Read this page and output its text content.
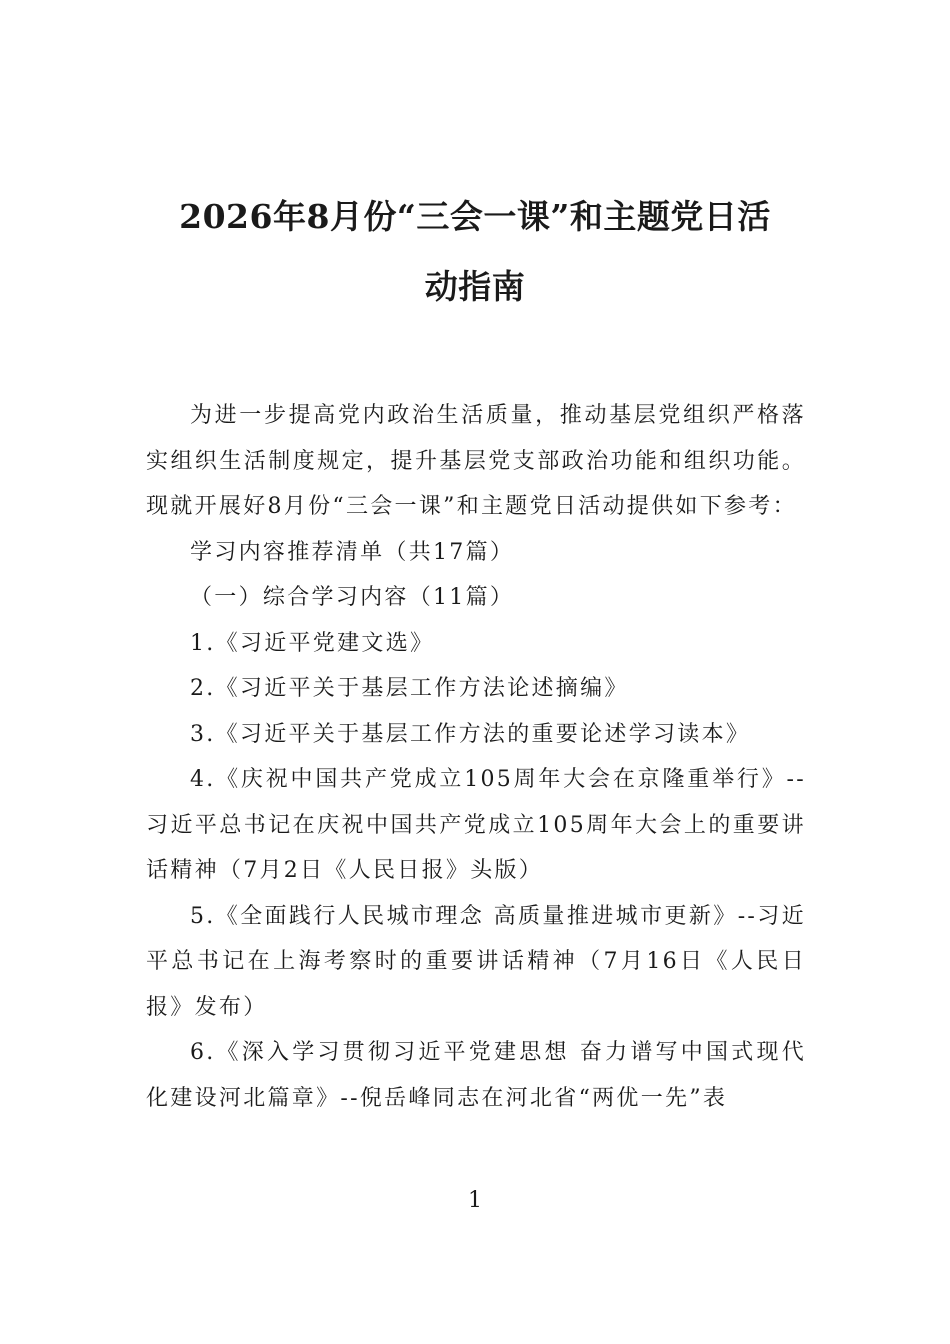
2026年8月份“三会一课”和主题党日活
动指南

为进一步提高党内政治生活质量，推动基层党组织严格落实组织生活制度规定，提升基层党支部政治功能和组织功能。现就开展好8月份“三会一课”和主题党日活动提供如下参考：

学习内容推荐清单（共17篇）

（一）综合学习内容（11篇）

1.《习近平党建文选》

2.《习近平关于基层工作方法论述摘编》

3.《习近平关于基层工作方法的重要论述学习读本》

4.《庆祝中国共产党成立105周年大会在京隆重举行》--习近平总书记在庆祝中国共产党成立105周年大会上的重要讲话精神（7月2日《人民日报》头版）

5.《全面践行人民城市理念 高质量推进城市更新》--习近平总书记在上海考察时的重要讲话精神（7月16日《人民日报》发布）

6.《深入学习贯彻习近平党建思想 奋力谱写中国式现代化建设河北篇章》--倪岳峰同志在河北省“两优一先”表

1
